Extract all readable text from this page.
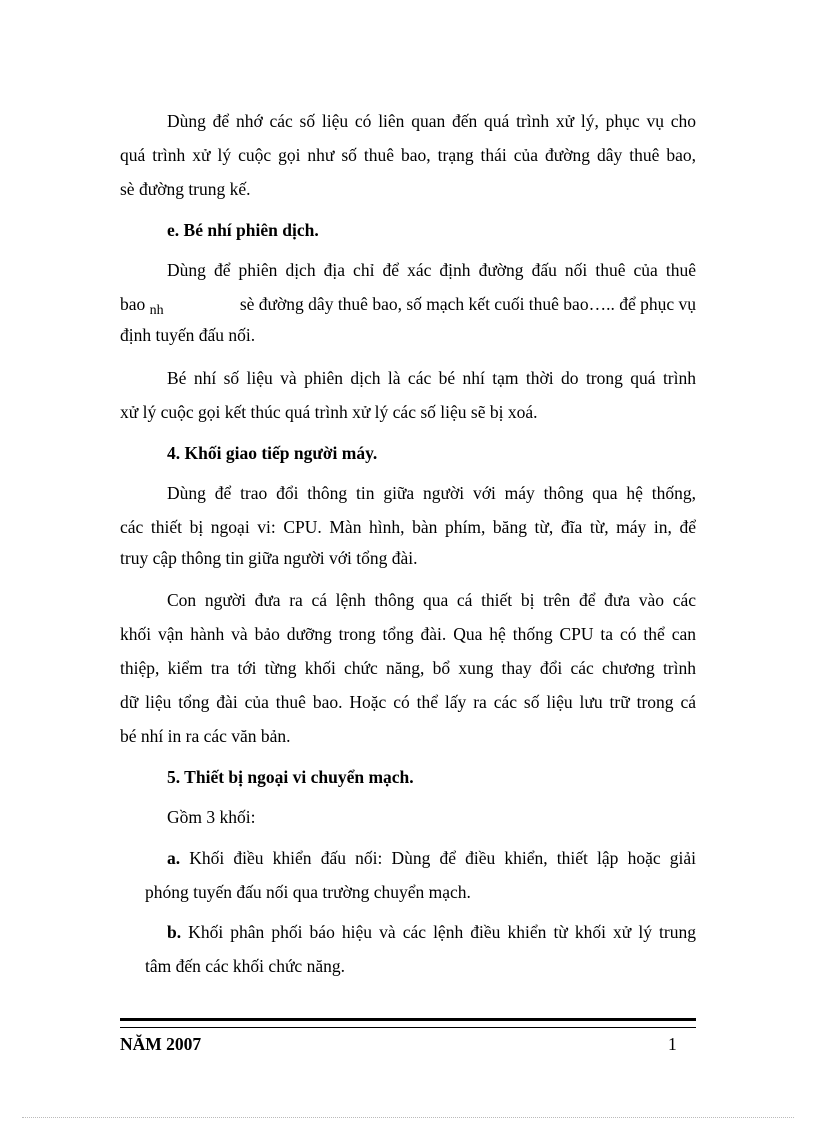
Dùng để nhớ các số liệu có liên quan đến quá trình xử lý, phục vụ cho
quá trình xử lý cuộc gọi như số thuê bao, trạng thái của đường dây thuê bao,
sè đường trung kế.
e. Bé nhí phiên dịch.
Dùng để phiên dịch địa chỉ để xác định đường đấu nối thuê của thuê
bao $_{nh}$	sè đường dây thuê bao, số mạch kết cuối thuê bao….. để phục vụ
định tuyến đấu nối.
Bé nhí số liệu và phiên dịch là các bé nhí tạm thời do trong quá trình
xử lý cuộc gọi kết thúc quá trình xử lý các số liệu sẽ bị xoá.
4. Khối giao tiếp người máy.
Dùng để trao đổi thông tin giữa người với máy thông qua hệ thống,
các thiết bị ngoại vi: CPU. Màn hình, bàn phím, băng từ, đĩa từ, máy in, để
truy cập thông tin giữa người với tổng đài.
Con người đưa ra cá lệnh thông qua cá thiết bị trên để đưa vào các
khối vận hành và bảo dưỡng trong tổng đài. Qua hệ thống CPU ta có thể can
thiệp, kiểm tra tới từng khối chức năng, bổ xung thay đổi các chương trình
dữ liệu tổng đài của thuê bao. Hoặc có thể lấy ra các số liệu lưu trữ trong cá
bé nhí in ra các văn bản.
5. Thiết bị ngoại vi chuyển mạch.
Gồm 3 khối:
a. Khối điều khiển đấu nối: Dùng để điều khiển, thiết lập hoặc giải
phóng tuyến đấu nối qua trường chuyển mạch.
b. Khối phân phối báo hiệu và các lệnh điều khiển từ khối xử lý trung
tâm đến các khối chức năng.
NĂM 2007	1
